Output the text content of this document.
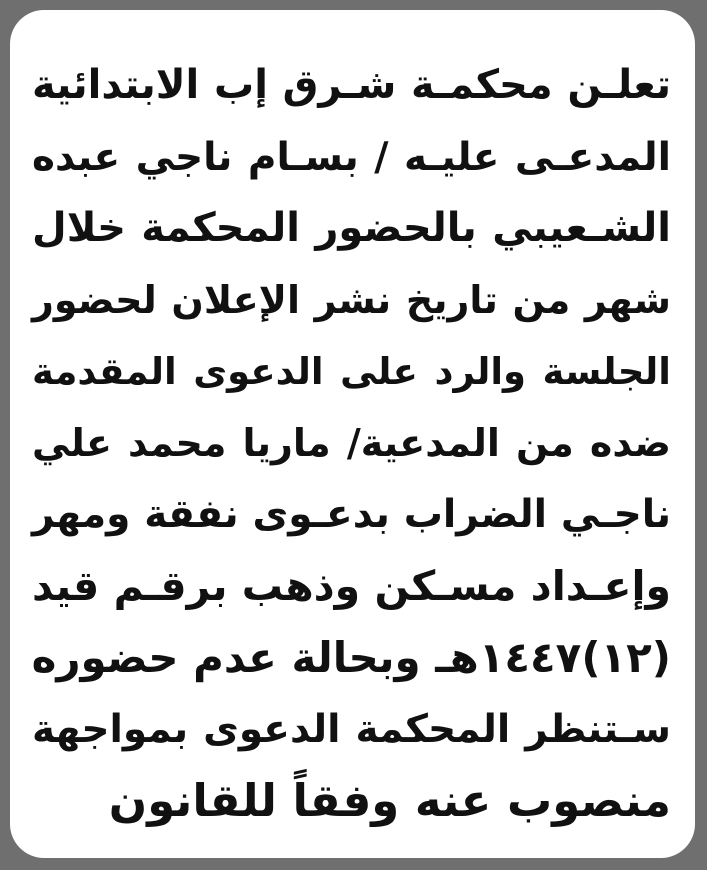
تعلـن محكمـة شـرق إب الابتدائية
المدعـى عليـه / بسـام ناجي عبده
الشـعيبي بالحضور المحكمة خلال
شهر من تاريخ نشر الإعلان لحضور
الجلسة والرد على الدعوى المقدمة
ضده من المدعية/ ماريا محمد علي
ناجـي الضراب بدعـوى نفقة ومهر
وإعـداد مسـكن وذهب برقـم قيد
(١٢)١٤٤٧هـ وبحالة عدم حضوره
سـتنظر المحكمة الدعوى بمواجهة
منصوب عنه وفقاً للقانون
